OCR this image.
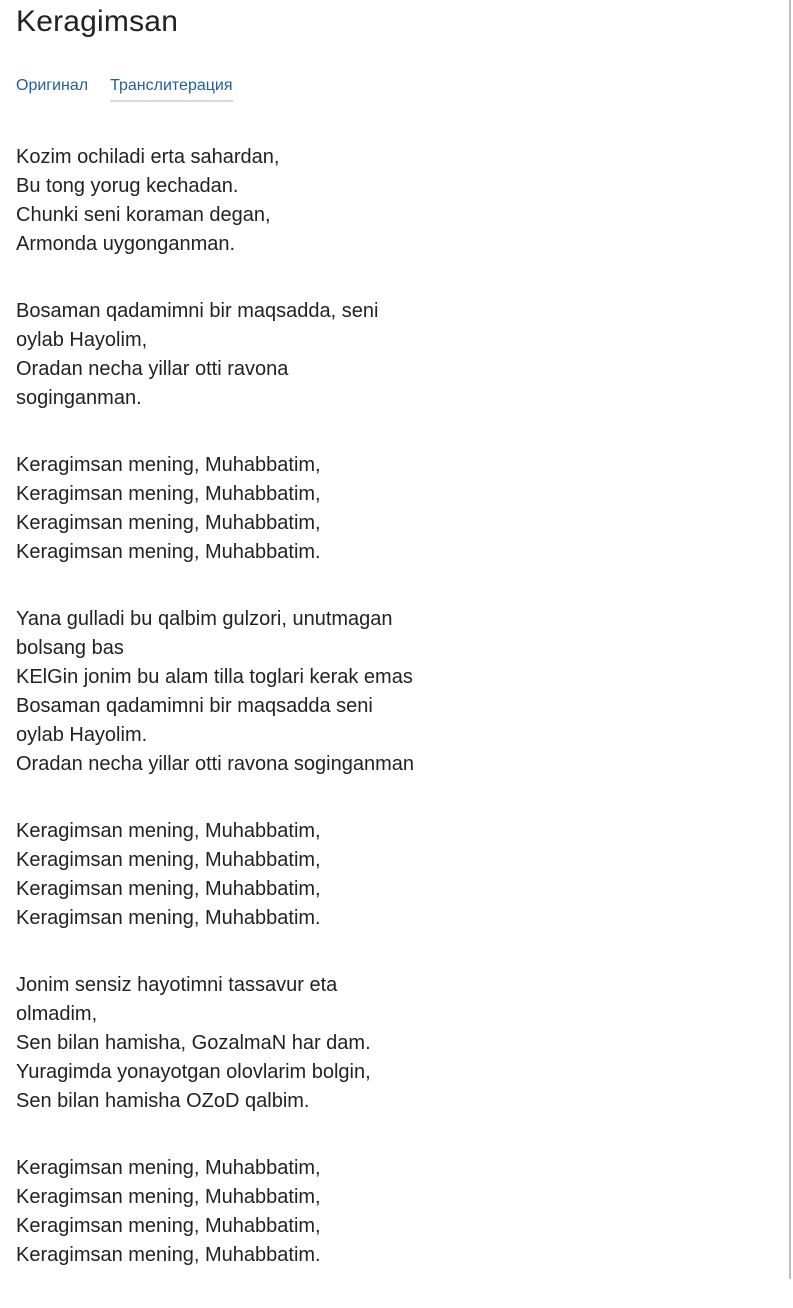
Keragimsan
Оригинал Транслитерация
Kozim ochiladi erta sahardan,
Bu tong yorug kechadan.
Chunki seni koraman degan,
Armonda uygonganman.
Bosaman qadamimni bir maqsadda, seni
oylab Hayolim,
Oradan necha yillar otti ravona
soginganman.
Keragimsan mening, Muhabbatim,
Keragimsan mening, Muhabbatim,
Keragimsan mening, Muhabbatim,
Keragimsan mening, Muhabbatim.
Yana gulladi bu qalbim gulzori, unutmagan
bolsang bas
KElGin jonim bu alam tilla toglari kerak emas
Bosaman qadamimni bir maqsadda seni
oylab Hayolim.
Oradan necha yillar otti ravona soginganman
Keragimsan mening, Muhabbatim,
Keragimsan mening, Muhabbatim,
Keragimsan mening, Muhabbatim,
Keragimsan mening, Muhabbatim.
Jonim sensiz hayotimni tassavur eta
olmadim,
Sen bilan hamisha, GozalmaN har dam.
Yuragimda yonayotgan olovlarim bolgin,
Sen bilan hamisha OZoD qalbim.
Keragimsan mening, Muhabbatim,
Keragimsan mening, Muhabbatim,
Keragimsan mening, Muhabbatim,
Keragimsan mening, Muhabbatim.
